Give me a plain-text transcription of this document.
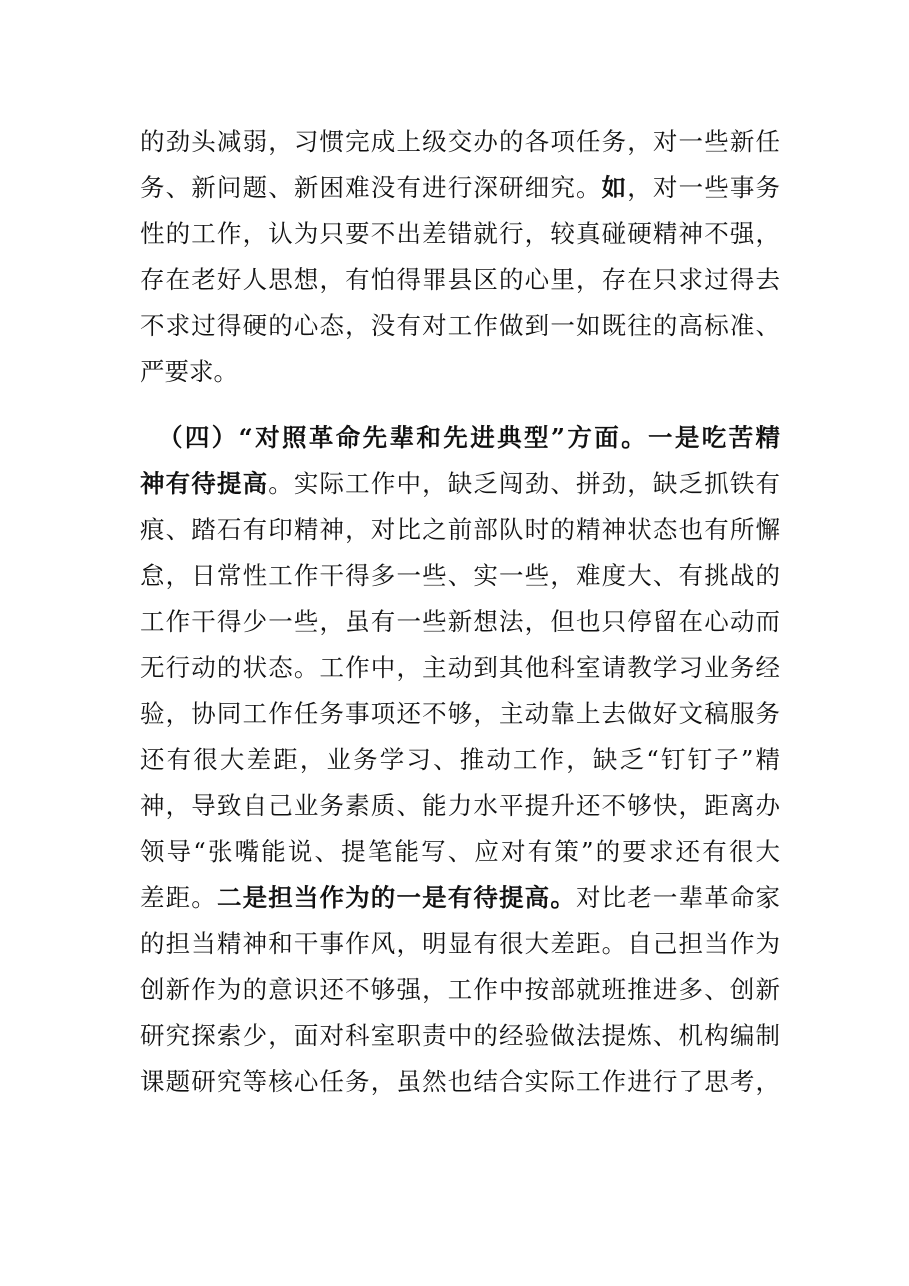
的劲头减弱，习惯完成上级交办的各项任务，对一些新任
务、新问题、新困难没有进行深研细究。如，对一些事务
性的工作，认为只要不出差错就行，较真碰硬精神不强，
存在老好人思想，有怕得罪县区的心里，存在只求过得去
不求过得硬的心态，没有对工作做到一如既往的高标准、
严要求。
（四）“对照革命先辈和先进典型”方面。一是吃苦精
神有待提高。实际工作中，缺乏闯劲、拼劲，缺乏抓铁有
痕、踏石有印精神，对比之前部队时的精神状态也有所懈
怠，日常性工作干得多一些、实一些，难度大、有挑战的
工作干得少一些，虽有一些新想法，但也只停留在心动而
无行动的状态。工作中，主动到其他科室请教学习业务经
验，协同工作任务事项还不够，主动靠上去做好文稿服务
还有很大差距，业务学习、推动工作，缺乏“钉钉子”精
神，导致自己业务素质、能力水平提升还不够快，距离办
领导“张嘴能说、提笔能写、应对有策”的要求还有很大
差距。二是担当作为的一是有待提高。对比老一辈革命家
的担当精神和干事作风，明显有很大差距。自己担当作为
创新作为的意识还不够强，工作中按部就班推进多、创新
研究探索少，面对科室职责中的经验做法提炼、机构编制
课题研究等核心任务，虽然也结合实际工作进行了思考，
